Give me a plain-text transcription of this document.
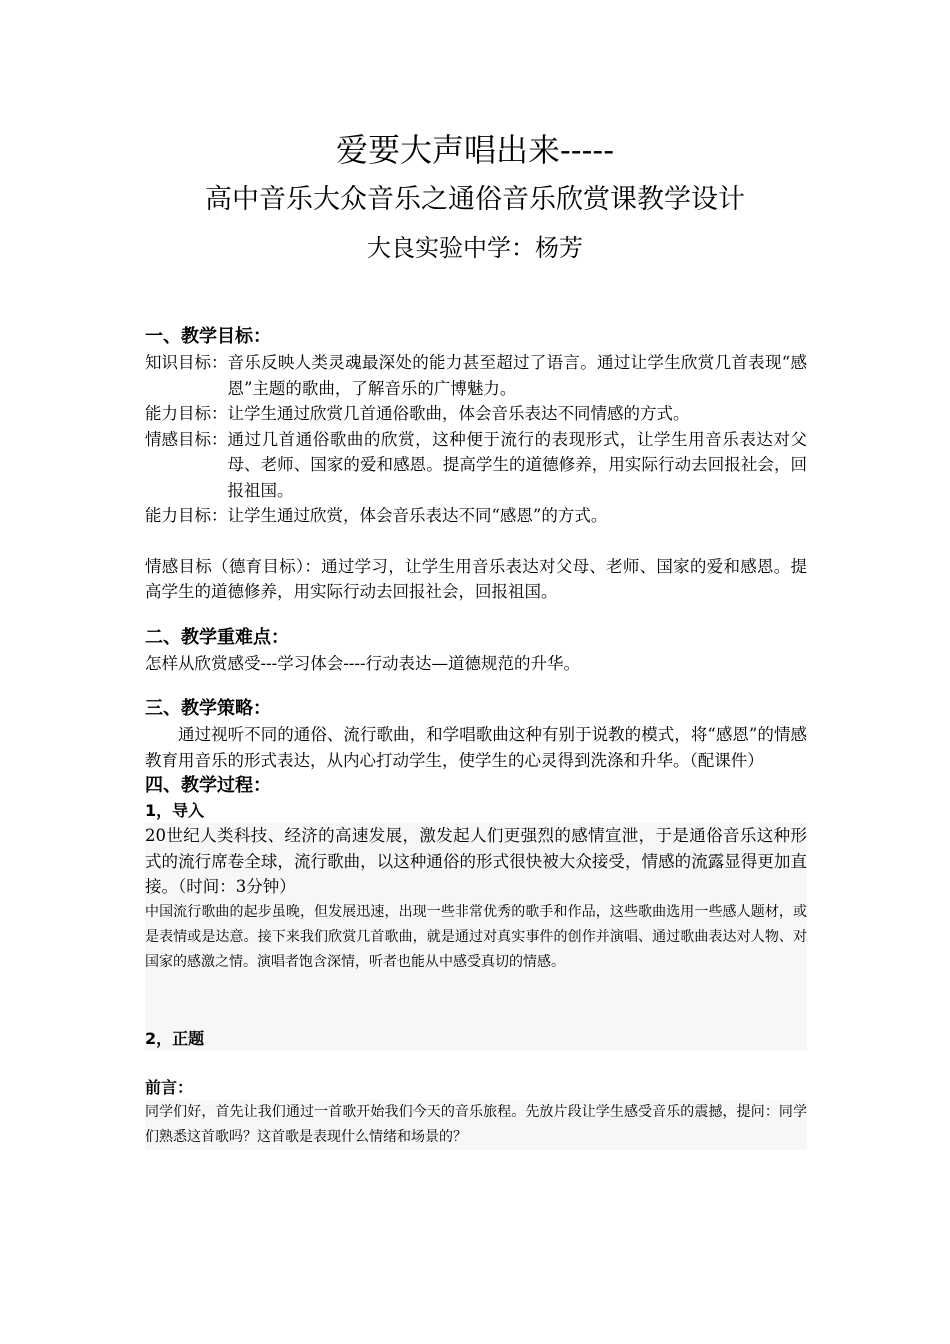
爱要大声唱出来-----
高中音乐大众音乐之通俗音乐欣赏课教学设计
大良实验中学：杨芳
一、教学目标：
知识目标： 音乐反映人类灵魂最深处的能力甚至超过了语言。通过让学生欣赏几首表现“感恩”主题的歌曲，了解音乐的广博魅力。
能力目标： 让学生通过欣赏几首通俗歌曲，体会音乐表达不同情感的方式。
情感目标： 通过几首通俗歌曲的欣赏，这种便于流行的表现形式，让学生用音乐表达对父母、老师、国家的爱和感恩。提高学生的道德修养，用实际行动去回报社会，回报祖国。
能力目标： 让学生通过欣赏，体会音乐表达不同“感恩”的方式。
情感目标（德育目标）：通过学习，让学生用音乐表达对父母、老师、国家的爱和感恩。提高学生的道德修养，用实际行动去回报社会，回报祖国。
二、教学重难点：
怎样从欣赏感受---学习体会----行动表达—道德规范的升华。
三、教学策略：
通过视听不同的通俗、流行歌曲，和学唱歌曲这种有别于说教的模式，将“感恩”的情感教育用音乐的形式表达，从内心打动学生，使学生的心灵得到洗涤和升华。（配课件）
四、教学过程：
1，导入
20世纪人类科技、经济的高速发展，激发起人们更强烈的感情宣泄，于是通俗音乐这种形式的流行席卷全球，流行歌曲，以这种通俗的形式很快被大众接受，情感的流露显得更加直接。（时间：3分钟）
中国流行歌曲的起步虽晚，但发展迅速，出现一些非常优秀的歌手和作品，这些歌曲选用一些感人题材，或是表情或是达意。接下来我们欣赏几首歌曲，就是通过对真实事件的创作并演唱、通过歌曲表达对人物、对国家的感激之情。演唱者饱含深情，听者也能从中感受真切的情感。
2，正题
前言：
同学们好，首先让我们通过一首歌开始我们今天的音乐旅程。先放片段让学生感受音乐的震撼，提问：同学们熟悉这首歌吗？这首歌是表现什么情绪和场景的？
